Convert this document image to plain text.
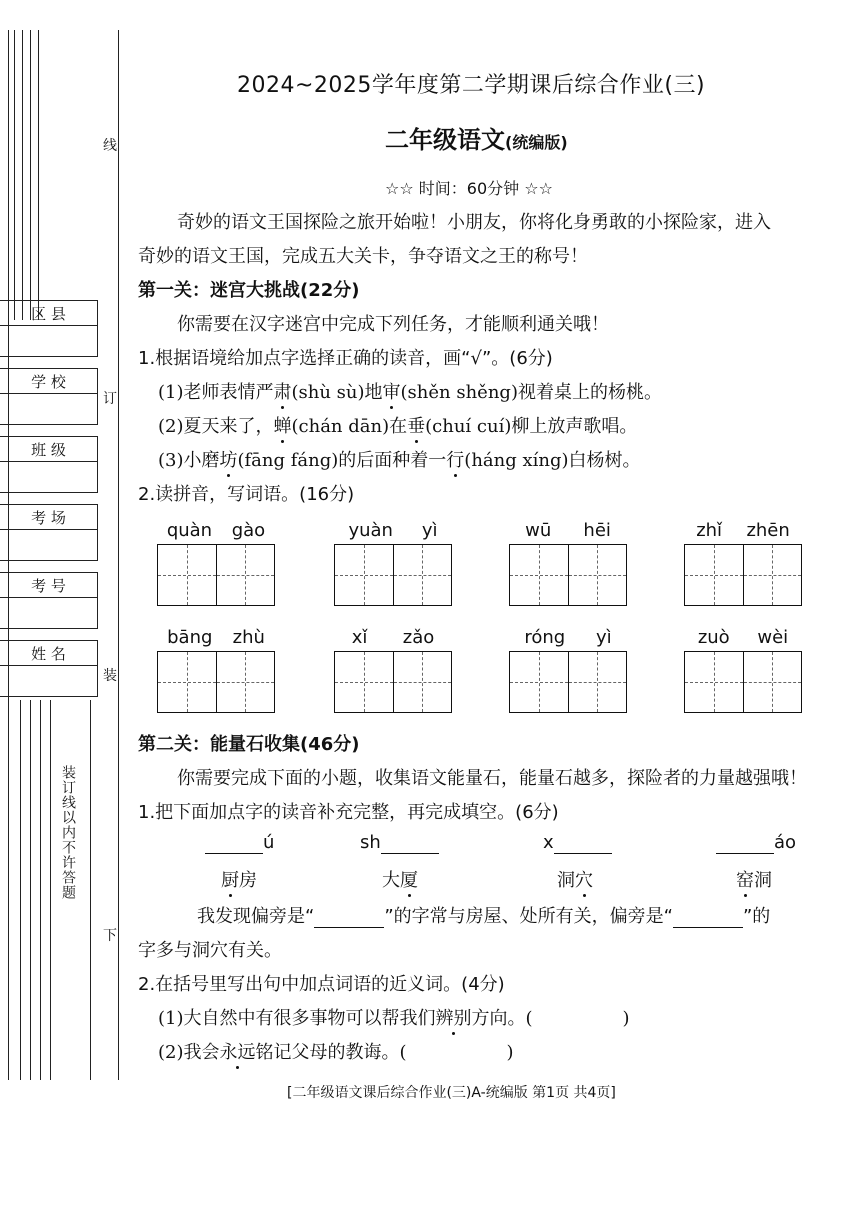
区 县
学 校
班 级
考 场
考 号
姓 名
线
订
装
下
装订线以内不许答题
2024~2025学年度第二学期课后综合作业(三)
二年级语文(统编版)
☆☆ 时间：60分钟 ☆☆
奇妙的语文王国探险之旅开始啦！小朋友，你将化身勇敢的小探险家，进入
奇妙的语文王国，完成五大关卡，争夺语文之王的称号！
第一关：迷宫大挑战(22分)
你需要在汉字迷宫中完成下列任务，才能顺利通关哦！
1.根据语境给加点字选择正确的读音，画“√”。(6分)
(1)老师表情严肃(shù sù)地审(shěn shěng)视着桌上的杨桃。
(2)夏天来了，蝉(chán dān)在垂(chuí cuí)柳上放声歌唱。
(3)小磨坊(fāng fáng)的后面种着一行(háng xíng)白杨树。
2.读拼音，写词语。(16分)
quàn gào	yuàn yì	wū hēi	zhǐ zhēn
bāng zhù	xǐ zǎo	róng yì	zuò wèi
第二关：能量石收集(46分)
你需要完成下面的小题，收集语文能量石，能量石越多，探险者的力量越强哦！
1.把下面加点字的读音补充完整，再完成填空。(6分)
ú	sh	x	áo
厨房	大厦	洞穴	窑洞
我发现偏旁是“	”的字常与房屋、处所有关，偏旁是“	”的
字多与洞穴有关。
2.在括号里写出句中加点词语的近义词。(4分)
(1)大自然中有很多事物可以帮我们辨别方向。(	)
(2)我会永远铭记父母的教诲。(	)
[二年级语文课后综合作业(三)A-统编版 第1页 共4页]
